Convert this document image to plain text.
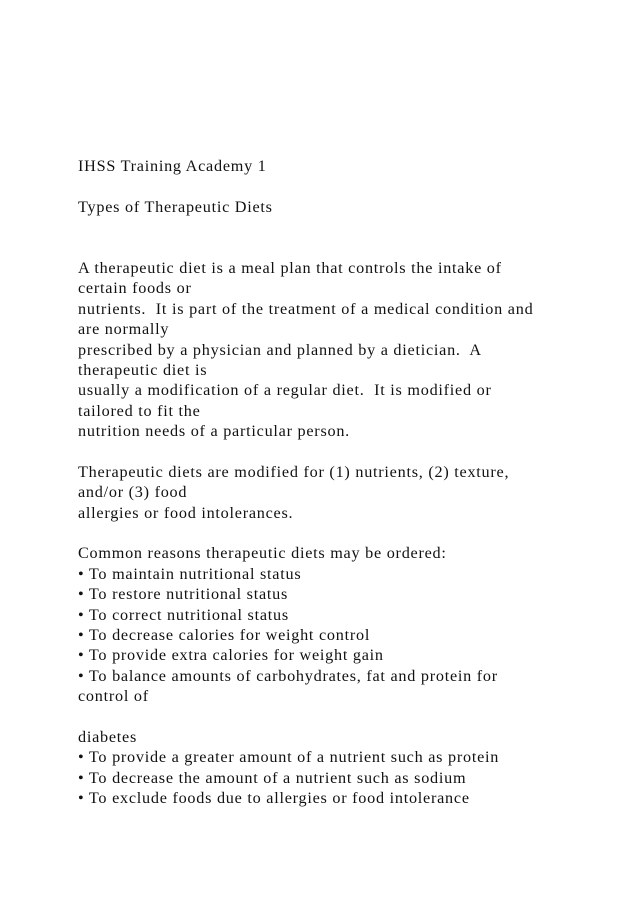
IHSS Training Academy 1
Types of Therapeutic Diets
A therapeutic diet is a meal plan that controls the intake of
certain foods or
nutrients.  It is part of the treatment of a medical condition and
are normally
prescribed by a physician and planned by a dietician.  A
therapeutic diet is
usually a modification of a regular diet.  It is modified or
tailored to fit the
nutrition needs of a particular person.
Therapeutic diets are modified for (1) nutrients, (2) texture,
and/or (3) food
allergies or food intolerances.
Common reasons therapeutic diets may be ordered:
• To maintain nutritional status
• To restore nutritional status
• To correct nutritional status
• To decrease calories for weight control
• To provide extra calories for weight gain
• To balance amounts of carbohydrates, fat and protein for
control of
diabetes
• To provide a greater amount of a nutrient such as protein
• To decrease the amount of a nutrient such as sodium
• To exclude foods due to allergies or food intolerance
